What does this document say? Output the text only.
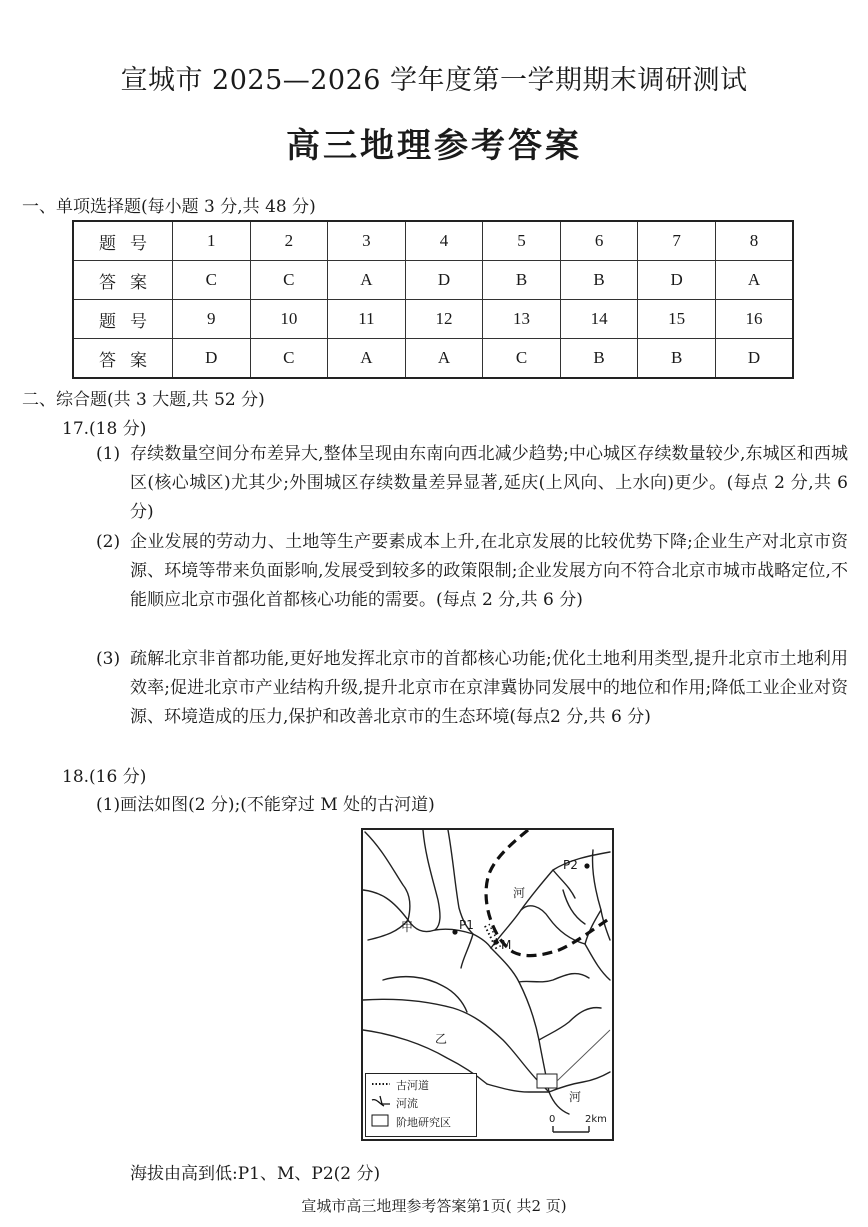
宣城市 2025—2026 学年度第一学期期末调研测试
高三地理参考答案
一、单项选择题(每小题 3 分,共 48 分)
题号	1	2	3	4	5	6	7	8
答案	C	C	A	D	B	B	D	A
题号	9	10	11	12	13	14	15	16
答案	D	C	A	A	C	B	B	D
二、综合题(共 3 大题,共 52 分)
17.(18 分)
(1) 存续数量空间分布差异大,整体呈现由东南向西北减少趋势;中心城区存续数量较少,东城区和西城区(核心城区)尤其少;外围城区存续数量差异显著,延庆(上风向、上水向)更少。(每点 2 分,共 6 分)
(2) 企业发展的劳动力、土地等生产要素成本上升,在北京发展的比较优势下降;企业生产对北京市资源、环境等带来负面影响,发展受到较多的政策限制;企业发展方向不符合北京市城市战略定位,不能顺应北京市强化首都核心功能的需要。(每点 2 分,共 6 分)
(3) 疏解北京非首都功能,更好地发挥北京市的首都核心功能;优化土地利用类型,提升北京市土地利用效率;促进北京市产业结构升级,提升北京市在京津冀协同发展中的地位和作用;降低工业企业对资源、环境造成的压力,保护和改善北京市的生态环境(每点2 分,共 6 分)
18.(16 分)
(1)画法如图(2 分);(不能穿过 M 处的古河道)
P1
M
P2
甲
乙
河
河
0	2km
古河道
河流
阶地研究区
海拔由高到低:P1、M、P2(2 分)
宣城市高三地理参考答案第1页( 共2 页)
